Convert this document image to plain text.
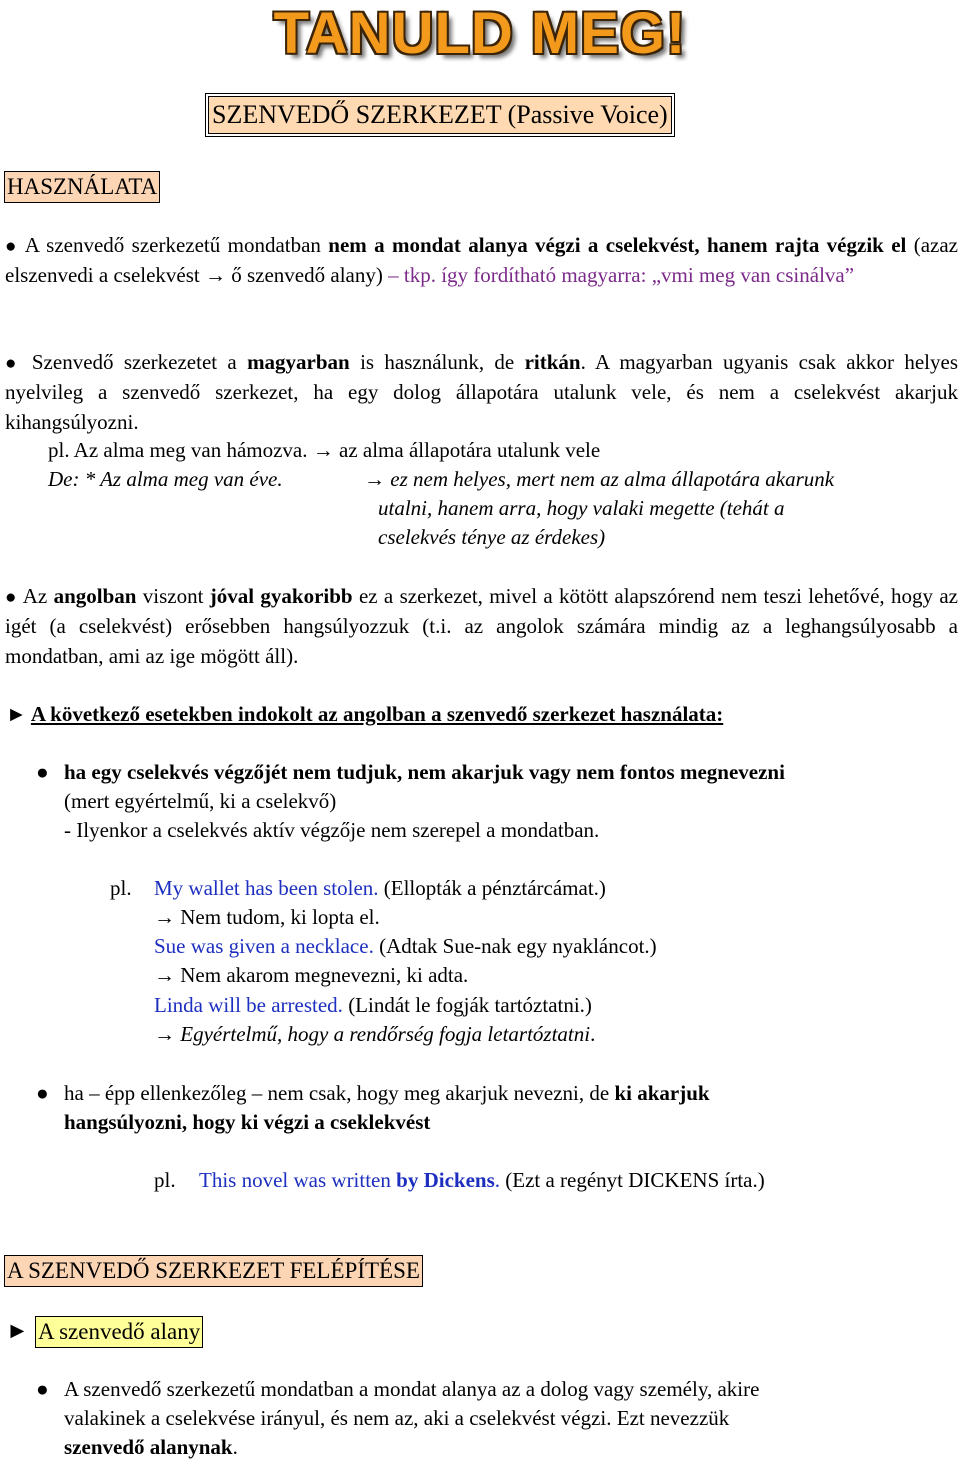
TANULD MEG!
SZENVEDŐ SZERKEZET (Passive Voice)
HASZNÁLATA
● A szenvedő szerkezetű mondatban nem a mondat alanya végzi a cselekvést, hanem rajta végzik el (azaz elszenvedi a cselekvést → ő szenvedő alany) – tkp. így fordítható magyarra: „vmi meg van csinálva”
● Szenvedő szerkezetet a magyarban is használunk, de ritkán. A magyarban ugyanis csak akkor helyes nyelvileg a szenvedő szerkezet, ha egy dolog állapotára utalunk vele, és nem a cselekvést akarjuk kihangsúlyozni.
pl. Az alma meg van hámozva. → az alma állapotára utalunk vele
De: * Az alma meg van éve.	→ ez nem helyes, mert nem az alma állapotára akarunk
utalni, hanem arra, hogy valaki megette (tehát a
cselekvés ténye az érdekes)
● Az angolban viszont jóval gyakoribb ez a szerkezet, mivel a kötött alapszórend nem teszi lehetővé, hogy az igét (a cselekvést) erősebben hangsúlyozzuk (t.i. az angolok számára mindig az a leghangsúlyosabb a mondatban, ami az ige mögött áll).
► A következő esetekben indokolt az angolban a szenvedő szerkezet használata:
● ha egy cselekvés végzőjét nem tudjuk, nem akarjuk vagy nem fontos megnevezni
(mert egyértelmű, ki a cselekvő)
- Ilyenkor a cselekvés aktív végzője nem szerepel a mondatban.
pl. My wallet has been stolen. (Ellopták a pénztárcámat.)
→ Nem tudom, ki lopta el.
Sue was given a necklace. (Adtak Sue-nak egy nyakláncot.)
→ Nem akarom megnevezni, ki adta.
Linda will be arrested. (Lindát le fogják tartóztatni.)
→ Egyértelmű, hogy a rendőrség fogja letartóztatni.
● ha – épp ellenkezőleg – nem csak, hogy meg akarjuk nevezni, de ki akarjuk
hangsúlyozni, hogy ki végzi a cseklekvést
pl. This novel was written by Dickens. (Ezt a regényt DICKENS írta.)
A SZENVEDŐ SZERKEZET FELÉPÍTÉSE
► A szenvedő alany
● A szenvedő szerkezetű mondatban a mondat alanya az a dolog vagy személy, akire
valakinek a cselekvése irányul, és nem az, aki a cselekvést végzi. Ezt nevezzük
szenvedő alanynak.
